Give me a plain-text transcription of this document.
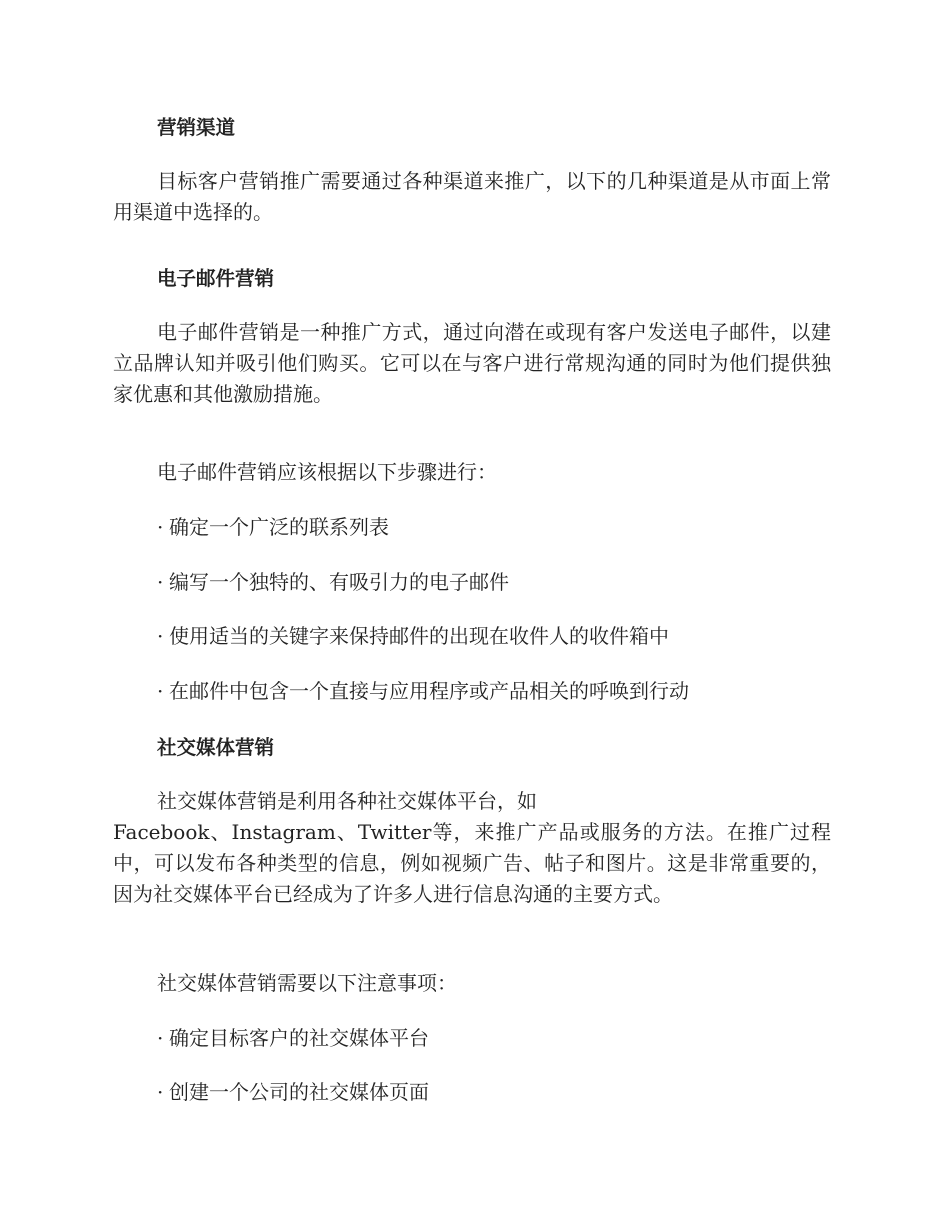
营销渠道

目标客户营销推广需要通过各种渠道来推广，以下的几种渠道是从市面上常用渠道中选择的。

电子邮件营销

电子邮件营销是一种推广方式，通过向潜在或现有客户发送电子邮件，以建立品牌认知并吸引他们购买。它可以在与客户进行常规沟通的同时为他们提供独家优惠和其他激励措施。

电子邮件营销应该根据以下步骤进行：

· 确定一个广泛的联系列表
· 编写一个独特的、有吸引力的电子邮件
· 使用适当的关键字来保持邮件的出现在收件人的收件箱中
· 在邮件中包含一个直接与应用程序或产品相关的呼唤到行动
社交媒体营销

社交媒体营销是利用各种社交媒体平台，如
Facebook、Instagram、Twitter等，来推广产品或服务的方法。在推广过程中，可以发布各种类型的信息，例如视频广告、帖子和图片。这是非常重要的，因为社交媒体平台已经成为了许多人进行信息沟通的主要方式。

社交媒体营销需要以下注意事项：

· 确定目标客户的社交媒体平台
· 创建一个公司的社交媒体页面
